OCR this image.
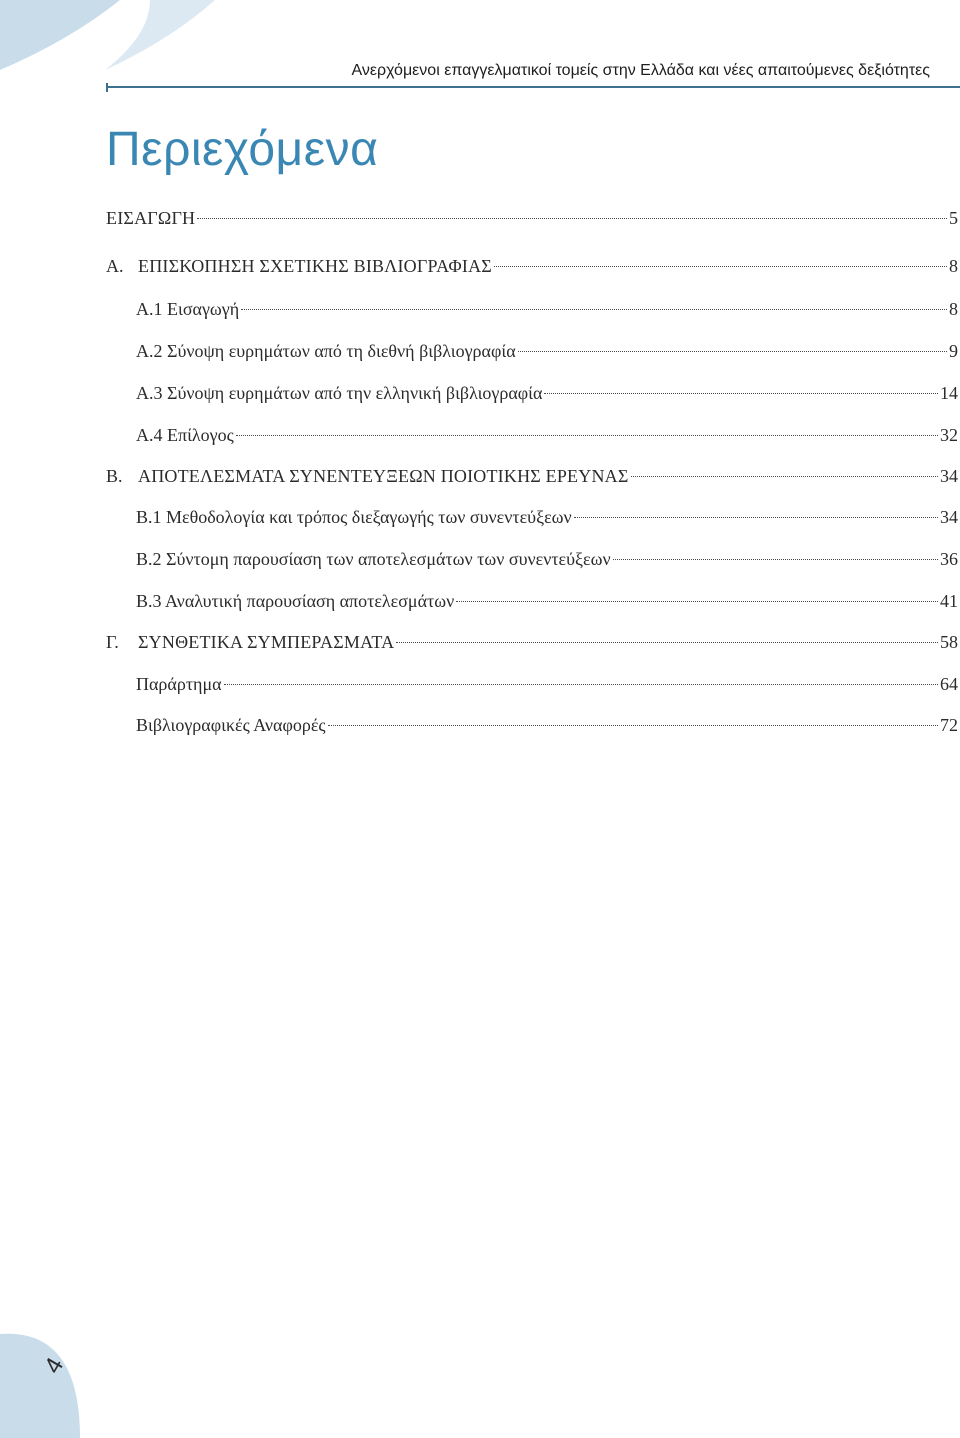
Ανερχόμενοι επαγγελματικοί τομείς στην Ελλάδα και νέες απαιτούμενες δεξιότητες
Περιεχόμενα
ΕΙΣΑΓΩΓΗ	5
Α. ΕΠΙΣΚΟΠΗΣΗ ΣΧΕΤΙΚΗΣ ΒΙΒΛΙΟΓΡΑΦΙΑΣ	8
Α.1 Εισαγωγή	8
Α.2 Σύνοψη ευρημάτων από τη διεθνή βιβλιογραφία	9
Α.3 Σύνοψη ευρημάτων από την ελληνική βιβλιογραφία	14
Α.4 Επίλογος	32
Β. ΑΠΟΤΕΛΕΣΜΑΤΑ ΣΥΝΕΝΤΕΥΞΕΩΝ ΠΟΙΟΤΙΚΗΣ ΕΡΕΥΝΑΣ	34
Β.1 Μεθοδολογία και τρόπος διεξαγωγής των συνεντεύξεων	34
Β.2 Σύντομη παρουσίαση των αποτελεσμάτων των συνεντεύξεων	36
Β.3 Αναλυτική παρουσίαση αποτελεσμάτων	41
Γ.	ΣΥΝΘΕΤΙΚΑ ΣΥΜΠΕΡΑΣΜΑΤΑ	58
Παράρτημα	64
Βιβλιογραφικές Αναφορές	72
4
